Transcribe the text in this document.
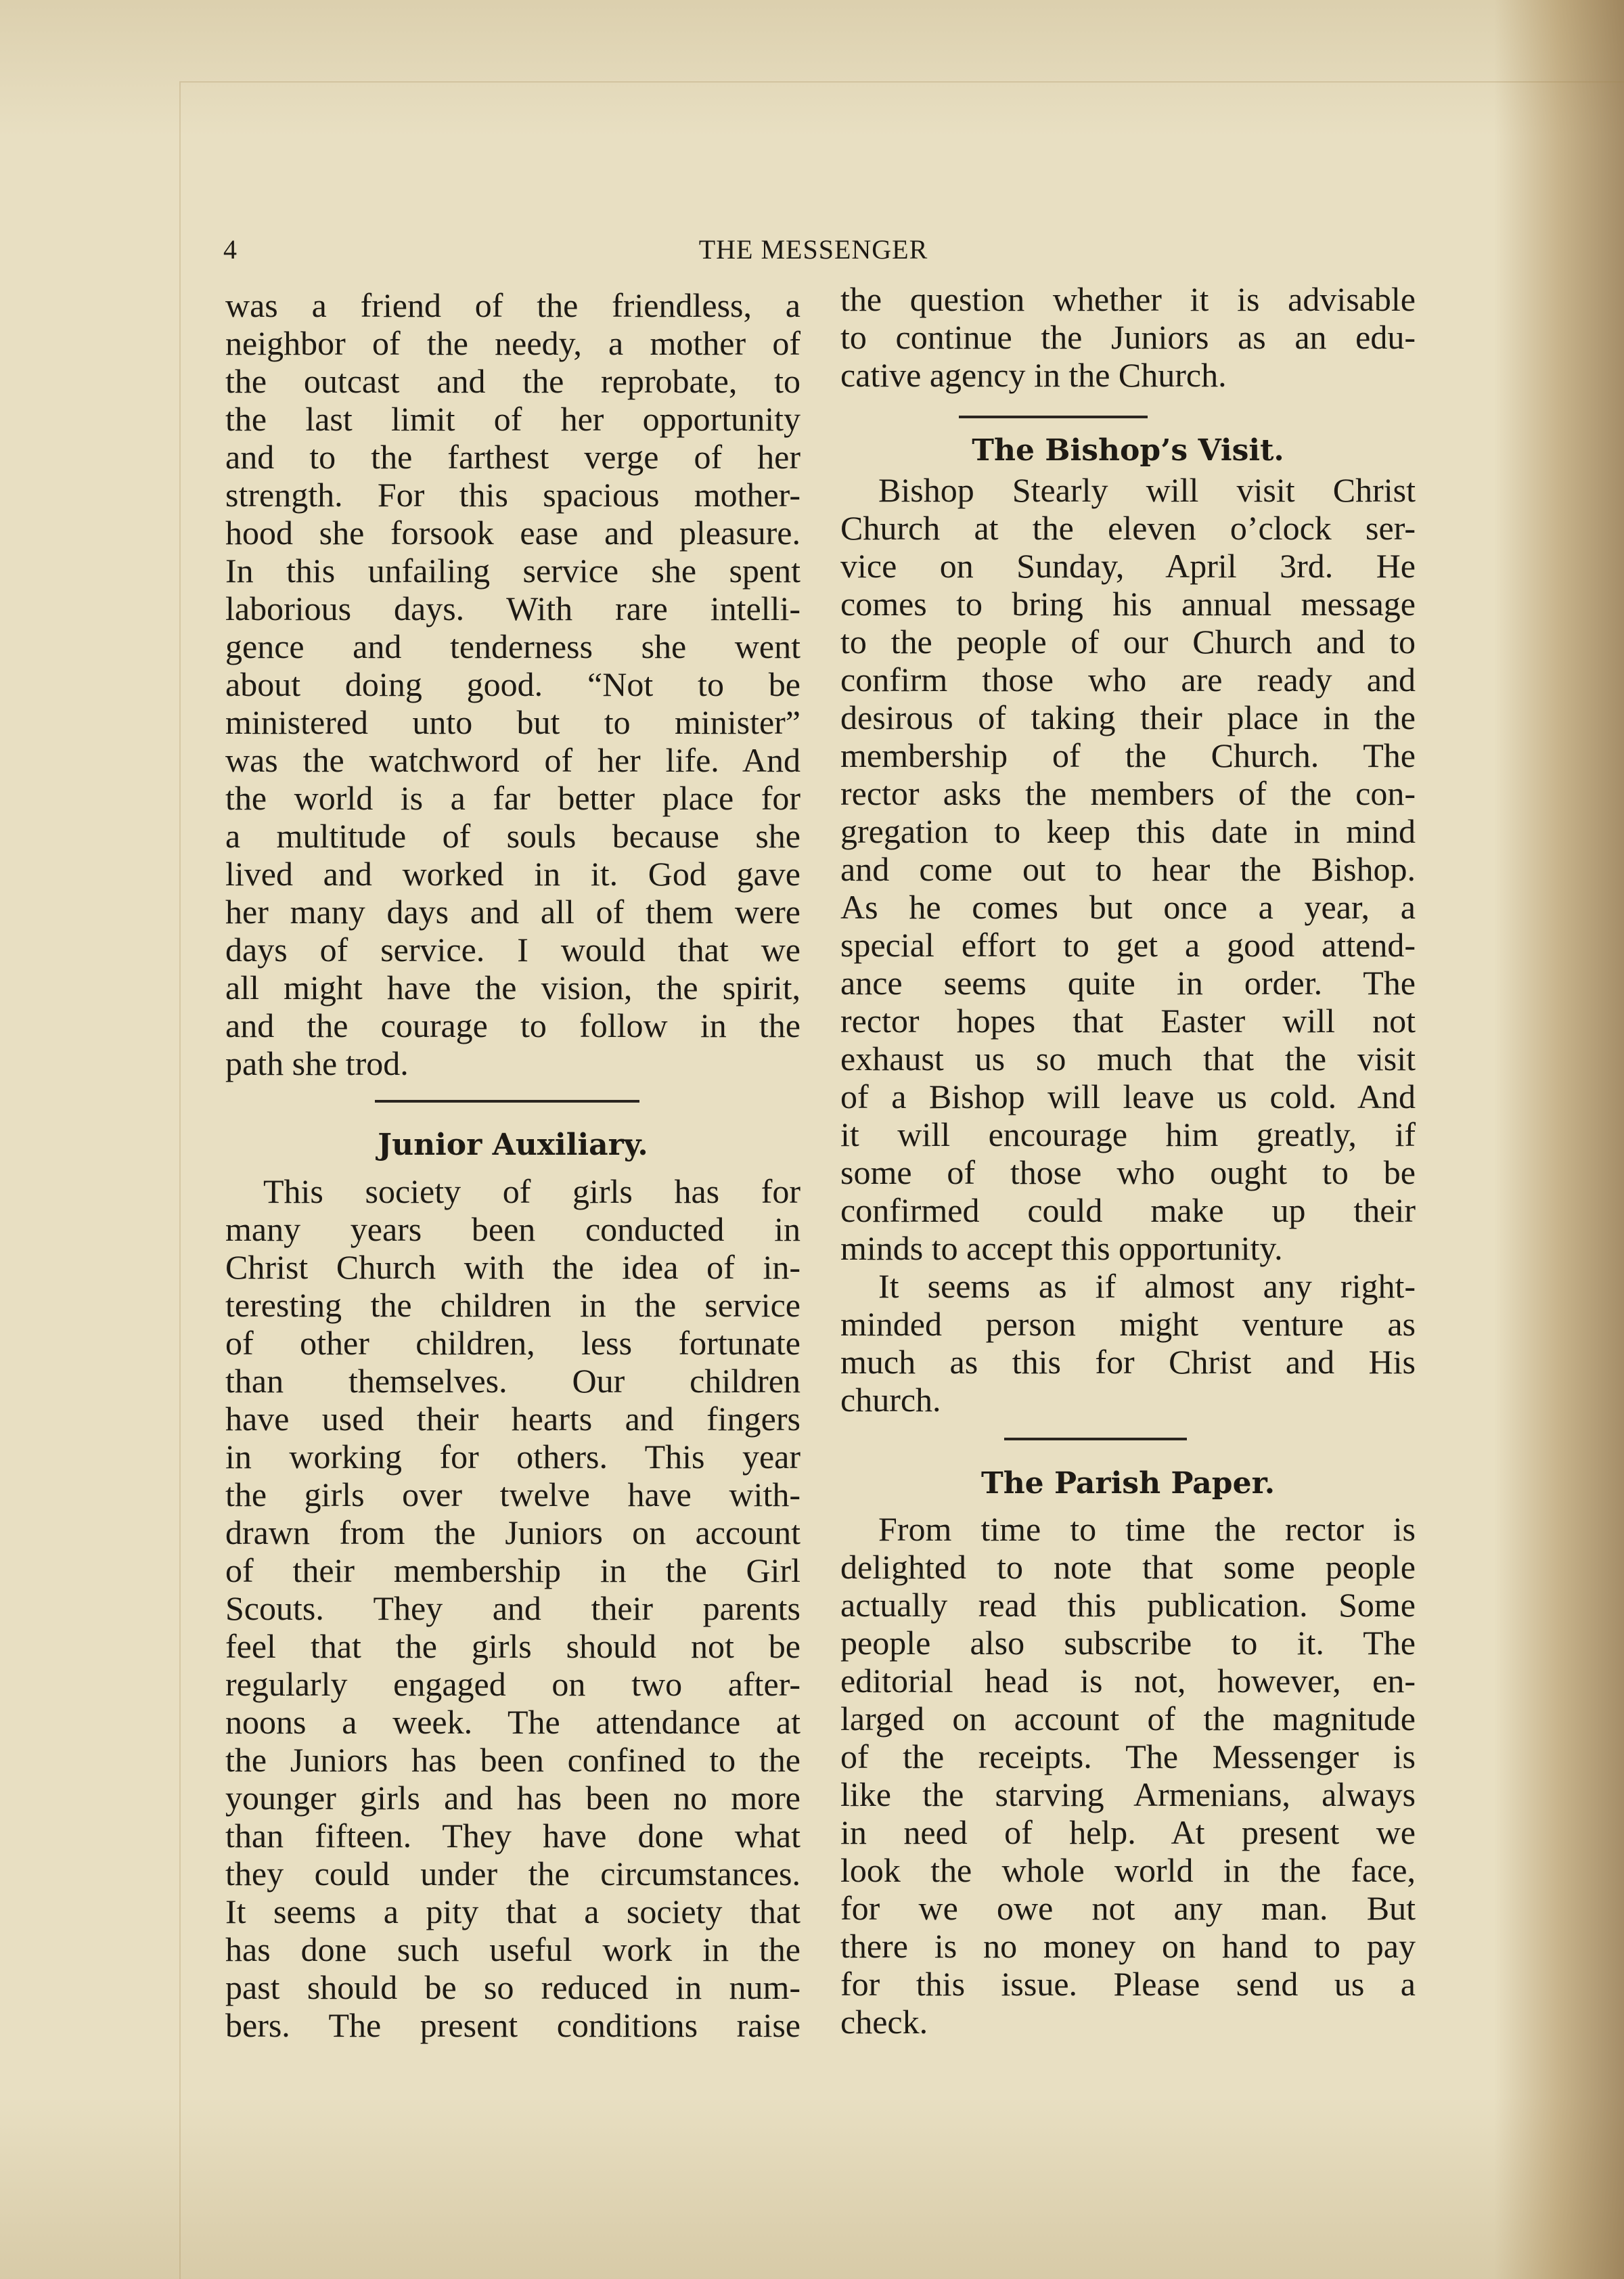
4	THE MESSENGER
was a friend of the friendless, a
neighbor of the needy, a mother of
the outcast and the reprobate, to
the last limit of her opportunity
and to the farthest verge of her
strength. For this spacious mother-
hood she forsook ease and pleasure.
In this unfailing service she spent
laborious days. With rare intelli-
gence and tenderness she went
about doing good. “Not to be
ministered unto but to minister”
was the watchword of her life. And
the world is a far better place for
a multitude of souls because she
lived and worked in it. God gave
her many days and all of them were
days of service. I would that we
all might have the vision, the spirit,
and the courage to follow in the
path she trod.
Junior Auxiliary.
This society of girls has for
many years been conducted in
Christ Church with the idea of in-
teresting the children in the service
of other children, less fortunate
than themselves. Our children
have used their hearts and fingers
in working for others. This year
the girls over twelve have with-
drawn from the Juniors on account
of their membership in the Girl
Scouts. They and their parents
feel that the girls should not be
regularly engaged on two after-
noons a week. The attendance at
the Juniors has been confined to the
younger girls and has been no more
than fifteen. They have done what
they could under the circumstances.
It seems a pity that a society that
has done such useful work in the
past should be so reduced in num-
bers. The present conditions raise
the question whether it is advisable
to continue the Juniors as an edu-
cative agency in the Church.
The Bishop’s Visit.
Bishop Stearly will visit Christ
Church at the eleven o’clock ser-
vice on Sunday, April 3rd. He
comes to bring his annual message
to the people of our Church and to
confirm those who are ready and
desirous of taking their place in the
membership of the Church. The
rector asks the members of the con-
gregation to keep this date in mind
and come out to hear the Bishop.
As he comes but once a year, a
special effort to get a good attend-
ance seems quite in order. The
rector hopes that Easter will not
exhaust us so much that the visit
of a Bishop will leave us cold. And
it will encourage him greatly, if
some of those who ought to be
confirmed could make up their
minds to accept this opportunity.
It seems as if almost any right-
minded person might venture as
much as this for Christ and His
church.
The Parish Paper.
From time to time the rector is
delighted to note that some people
actually read this publication. Some
people also subscribe to it. The
editorial head is not, however, en-
larged on account of the magnitude
of the receipts. The Messenger is
like the starving Armenians, always
in need of help. At present we
look the whole world in the face,
for we owe not any man. But
there is no money on hand to pay
for this issue. Please send us a
check.
